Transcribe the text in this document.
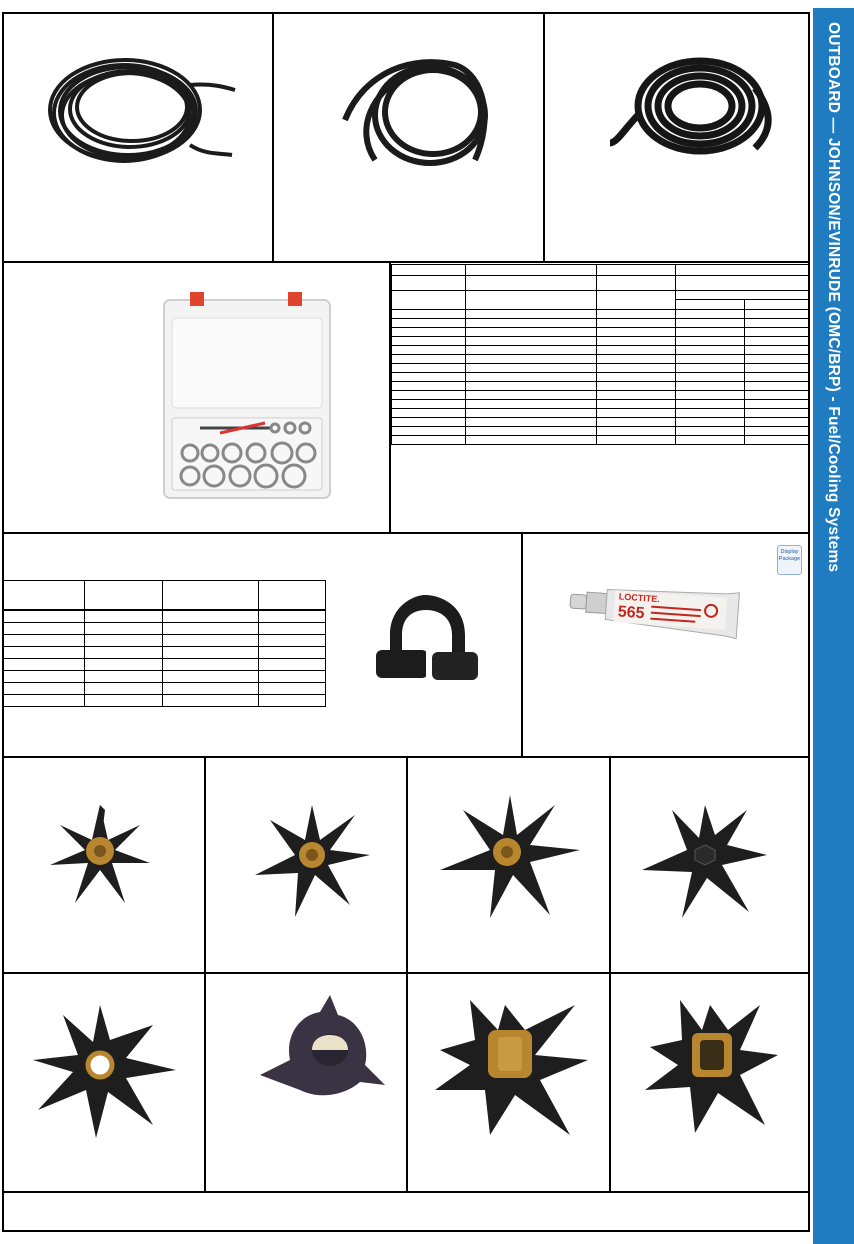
OUTBOARD — JOHNSON/EVINRUDE (OMC/BRP) - Fuel/Cooling Systems

Display
Package
LOCTITE.
565
